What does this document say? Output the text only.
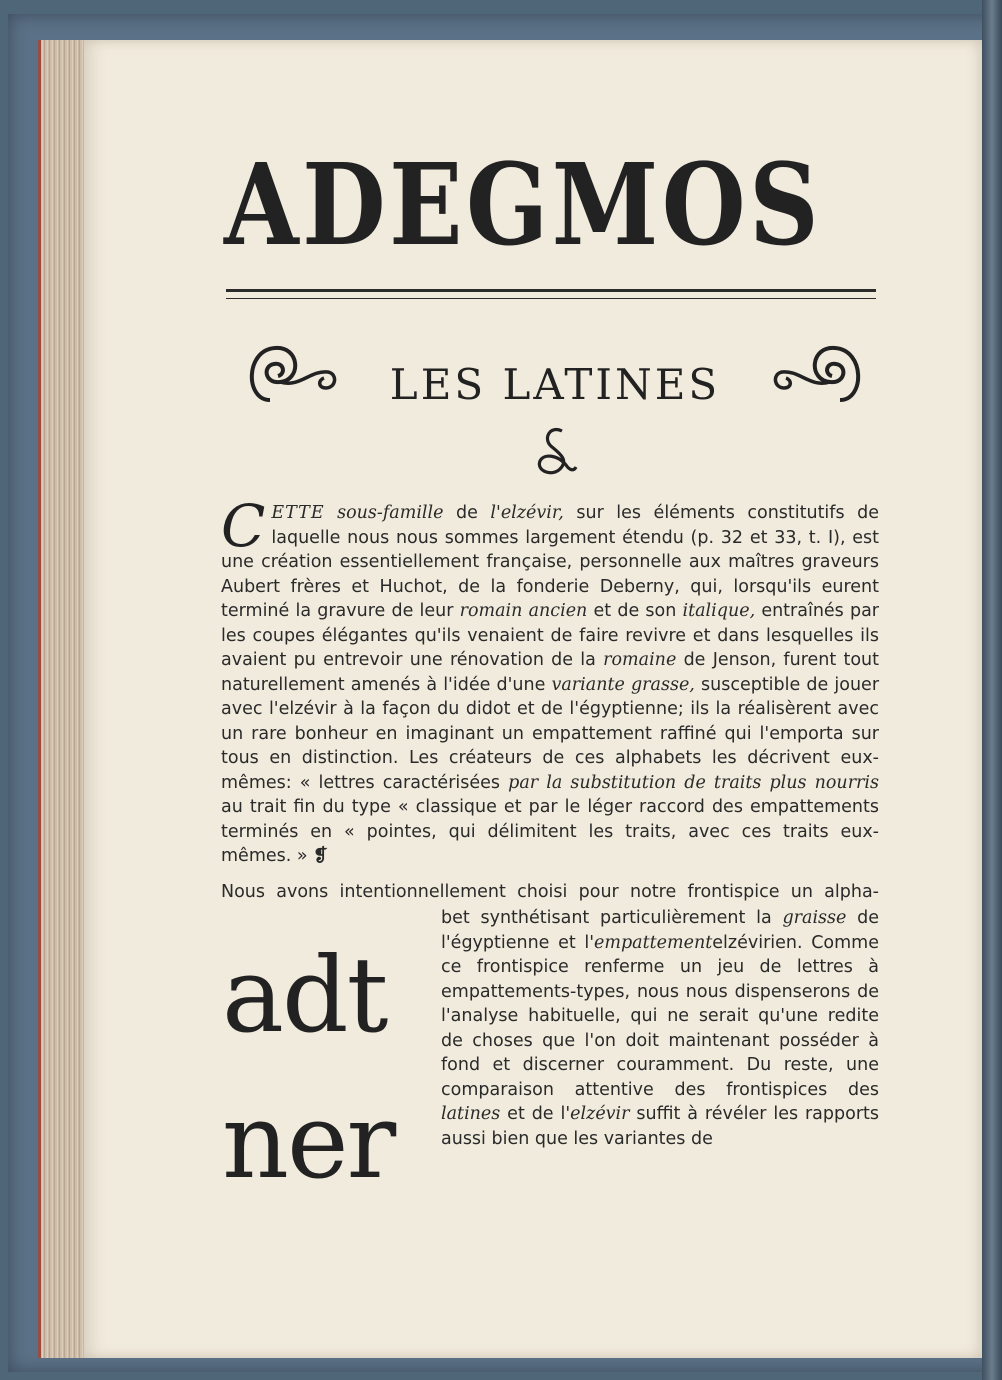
ADEGMOS
LES LATINES

CETTE sous-famille de l'elzévir, sur les éléments constitutifs de laquelle nous nous sommes largement étendu (p. 32 et 33, t. I), est une création essentiellement française, personnelle aux maîtres graveurs Aubert frères et Huchot, de la fonderie Deberny, qui, lorsqu'ils eurent terminé la gravure de leur romain ancien et de son italique, entraînés par les coupes élégantes qu'ils venaient de faire revivre et dans lesquelles ils avaient pu entrevoir une rénovation de la romaine de Jenson, furent tout naturellement amenés à l'idée d'une variante grasse, susceptible de jouer avec l'elzévir à la façon du didot et de l'égyptienne; ils la réalisèrent avec un rare bonheur en imaginant un empattement raffiné qui l'emporta sur tous en distinction. Les créateurs de ces alphabets les décrivent eux-mêmes: « lettres caractérisées par la substitution de traits plus nourris au trait fin du type « classique et par le léger raccord des empattements terminés en « pointes, qui délimitent les traits, avec ces traits eux-mêmes. » ❡

Nous avons intentionnellement choisi pour notre frontispice un alpha-
adt
ner
bet synthétisant particulièrement la graisse de l'égyptienne et l'empattementelzévirien. Comme ce frontispice renferme un jeu de lettres à empattements-types, nous nous dispenserons de l'analyse habituelle, qui ne serait qu'une redite de choses que l'on doit maintenant posséder à fond et discerner couramment. Du reste, une comparaison attentive des frontispices des latines et de l'elzévir suffit à révéler les rapports aussi bien que les variantes de
